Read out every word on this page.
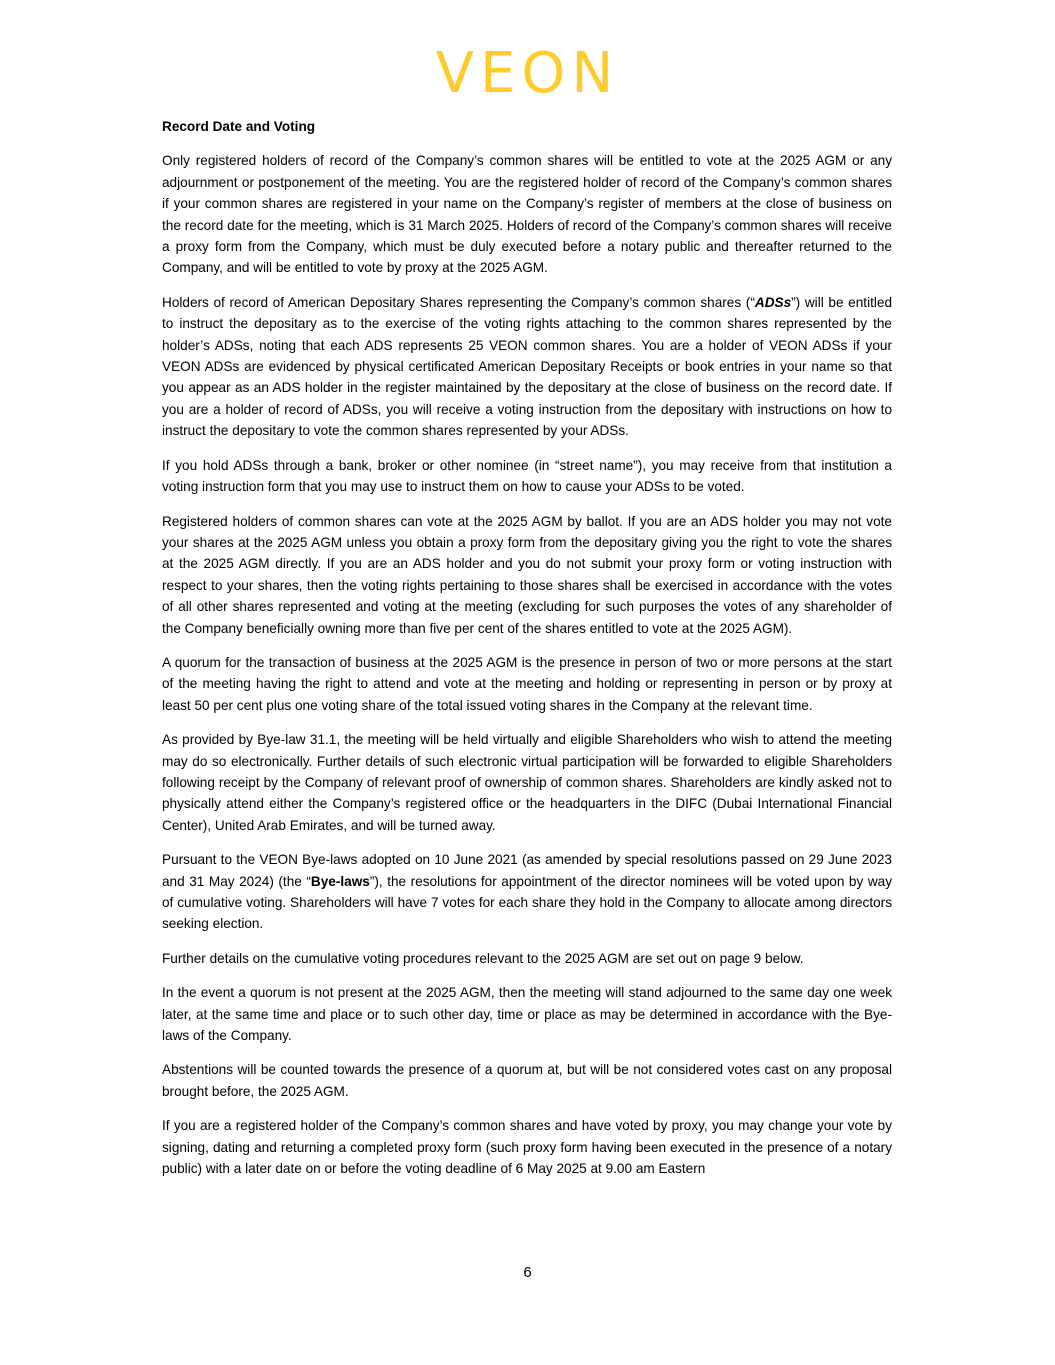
VEON
Record Date and Voting

Only registered holders of record of the Company’s common shares will be entitled to vote at the 2025 AGM or any adjournment or postponement of the meeting. You are the registered holder of record of the Company’s common shares if your common shares are registered in your name on the Company’s register of members at the close of business on the record date for the meeting, which is 31 March 2025. Holders of record of the Company’s common shares will receive a proxy form from the Company, which must be duly executed before a notary public and thereafter returned to the Company, and will be entitled to vote by proxy at the 2025 AGM.

Holders of record of American Depositary Shares representing the Company’s common shares (“ADSs”) will be entitled to instruct the depositary as to the exercise of the voting rights attaching to the common shares represented by the holder’s ADSs, noting that each ADS represents 25 VEON common shares. You are a holder of VEON ADSs if your VEON ADSs are evidenced by physical certificated American Depositary Receipts or book entries in your name so that you appear as an ADS holder in the register maintained by the depositary at the close of business on the record date. If you are a holder of record of ADSs, you will receive a voting instruction from the depositary with instructions on how to instruct the depositary to vote the common shares represented by your ADSs.

If you hold ADSs through a bank, broker or other nominee (in “street name”), you may receive from that institution a voting instruction form that you may use to instruct them on how to cause your ADSs to be voted.

Registered holders of common shares can vote at the 2025 AGM by ballot. If you are an ADS holder you may not vote your shares at the 2025 AGM unless you obtain a proxy form from the depositary giving you the right to vote the shares at the 2025 AGM directly. If you are an ADS holder and you do not submit your proxy form or voting instruction with respect to your shares, then the voting rights pertaining to those shares shall be exercised in accordance with the votes of all other shares represented and voting at the meeting (excluding for such purposes the votes of any shareholder of the Company beneficially owning more than five per cent of the shares entitled to vote at the 2025 AGM).

A quorum for the transaction of business at the 2025 AGM is the presence in person of two or more persons at the start of the meeting having the right to attend and vote at the meeting and holding or representing in person or by proxy at least 50 per cent plus one voting share of the total issued voting shares in the Company at the relevant time.

As provided by Bye-law 31.1, the meeting will be held virtually and eligible Shareholders who wish to attend the meeting may do so electronically. Further details of such electronic virtual participation will be forwarded to eligible Shareholders following receipt by the Company of relevant proof of ownership of common shares. Shareholders are kindly asked not to physically attend either the Company’s registered office or the headquarters in the DIFC (Dubai International Financial Center), United Arab Emirates, and will be turned away.

Pursuant to the VEON Bye-laws adopted on 10 June 2021 (as amended by special resolutions passed on 29 June 2023 and 31 May 2024) (the “Bye-laws”), the resolutions for appointment of the director nominees will be voted upon by way of cumulative voting. Shareholders will have 7 votes for each share they hold in the Company to allocate among directors seeking election.

Further details on the cumulative voting procedures relevant to the 2025 AGM are set out on page 9 below.

In the event a quorum is not present at the 2025 AGM, then the meeting will stand adjourned to the same day one week later, at the same time and place or to such other day, time or place as may be determined in accordance with the Bye-laws of the Company.

Abstentions will be counted towards the presence of a quorum at, but will be not considered votes cast on any proposal brought before, the 2025 AGM.

If you are a registered holder of the Company’s common shares and have voted by proxy, you may change your vote by signing, dating and returning a completed proxy form (such proxy form having been executed in the presence of a notary public) with a later date on or before the voting deadline of 6 May 2025 at 9.00 am Eastern

6
